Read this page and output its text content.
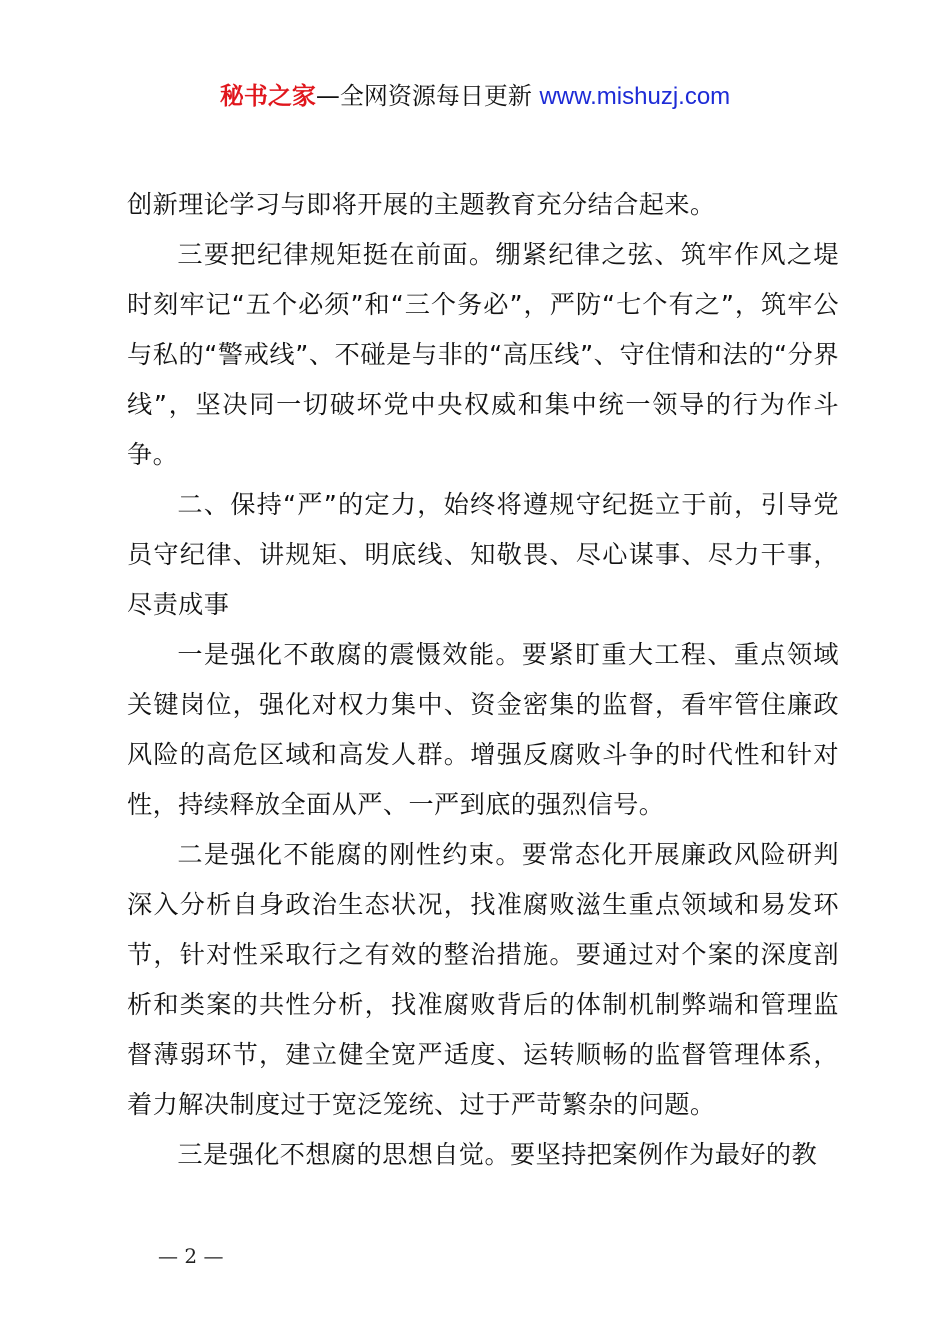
秘书之家—全网资源每日更新 www.mishuzj.com

创新理论学习与即将开展的主题教育充分结合起来。

三要把纪律规矩挺在前面。绷紧纪律之弦、筑牢作风之堤时刻牢记“五个必须”和“三个务必”，严防“七个有之”，筑牢公与私的“警戒线”、不碰是与非的“高压线”、守住情和法的“分界线”，坚决同一切破坏党中央权威和集中统一领导的行为作斗争。

二、保持“严”的定力，始终将遵规守纪挺立于前，引导党员守纪律、讲规矩、明底线、知敬畏、尽心谋事、尽力干事，尽责成事

一是强化不敢腐的震慑效能。要紧盯重大工程、重点领域关键岗位，强化对权力集中、资金密集的监督，看牢管住廉政风险的高危区域和高发人群。增强反腐败斗争的时代性和针对性，持续释放全面从严、一严到底的强烈信号。

二是强化不能腐的刚性约束。要常态化开展廉政风险研判深入分析自身政治生态状况，找准腐败滋生重点领域和易发环节，针对性采取行之有效的整治措施。要通过对个案的深度剖析和类案的共性分析，找准腐败背后的体制机制弊端和管理监督薄弱环节，建立健全宽严适度、运转顺畅的监督管理体系，着力解决制度过于宽泛笼统、过于严苛繁杂的问题。

三是强化不想腐的思想自觉。要坚持把案例作为最好的教

— 2 —
